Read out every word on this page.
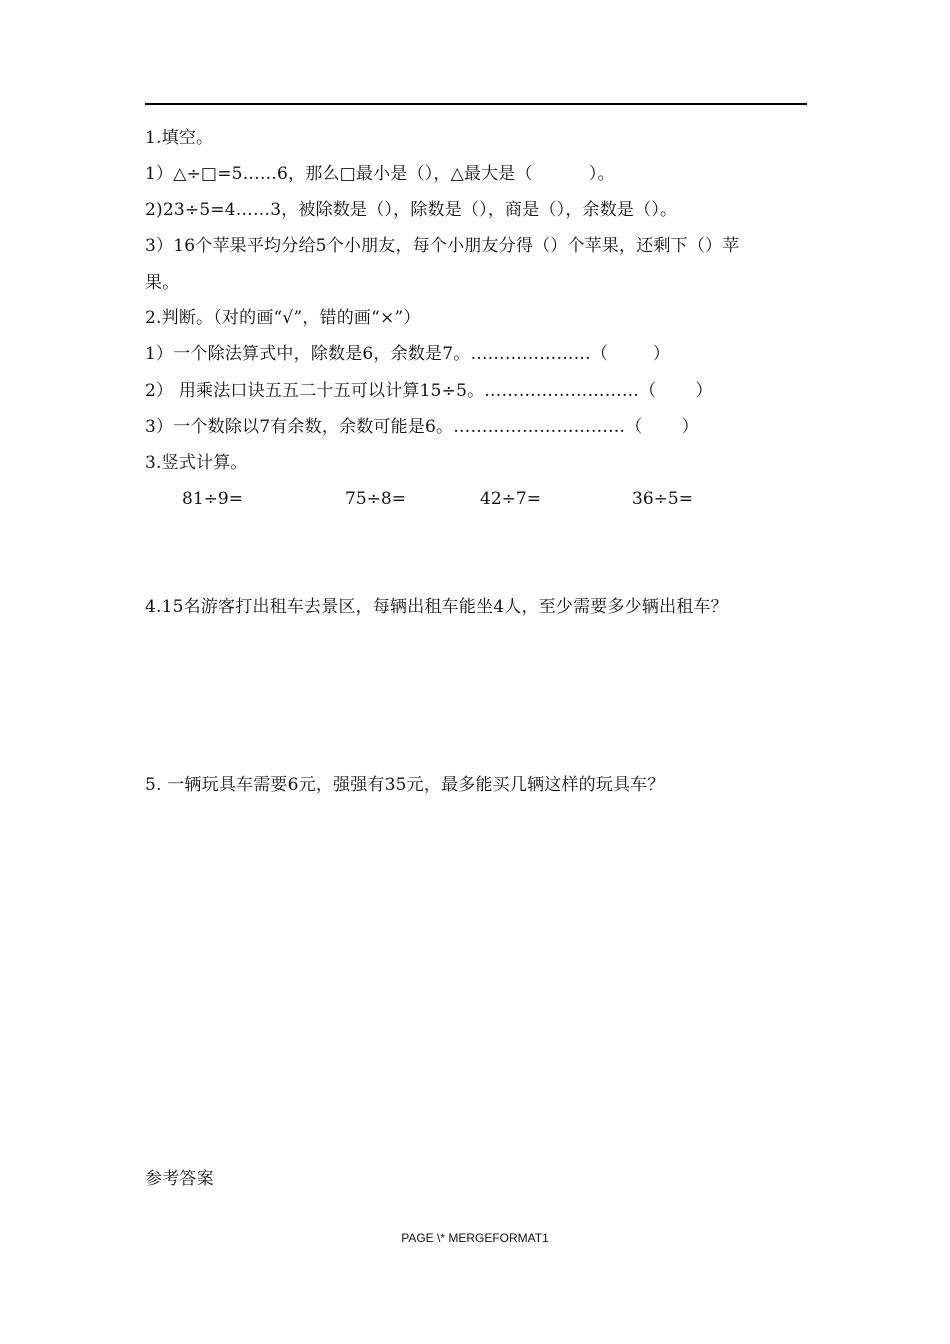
1.填空。
1）△÷□=5……6，那么□最小是（），△最大是（          ）。
2)23÷5=4……3，被除数是（），除数是（），商是（），余数是（）。
3）16个苹果平均分给5个小朋友，每个小朋友分得（）个苹果，还剩下（）苹
果。
2.判断。（对的画“√”，错的画“×”）
1）一个除法算式中，除数是6，余数是7。…………………（        ）
2） 用乘法口诀五五二十五可以计算15÷5。………………………（       ）
3）一个数除以7有余数，余数可能是6。…………………………（       ）
3.竖式计算。
81÷9=	75÷8=	42÷7=	36÷5=
4.15名游客打出租车去景区，每辆出租车能坐4人，至少需要多少辆出租车？
5. 一辆玩具车需要6元，强强有35元，最多能买几辆这样的玩具车？
参考答案
PAGE \* MERGEFORMAT1
